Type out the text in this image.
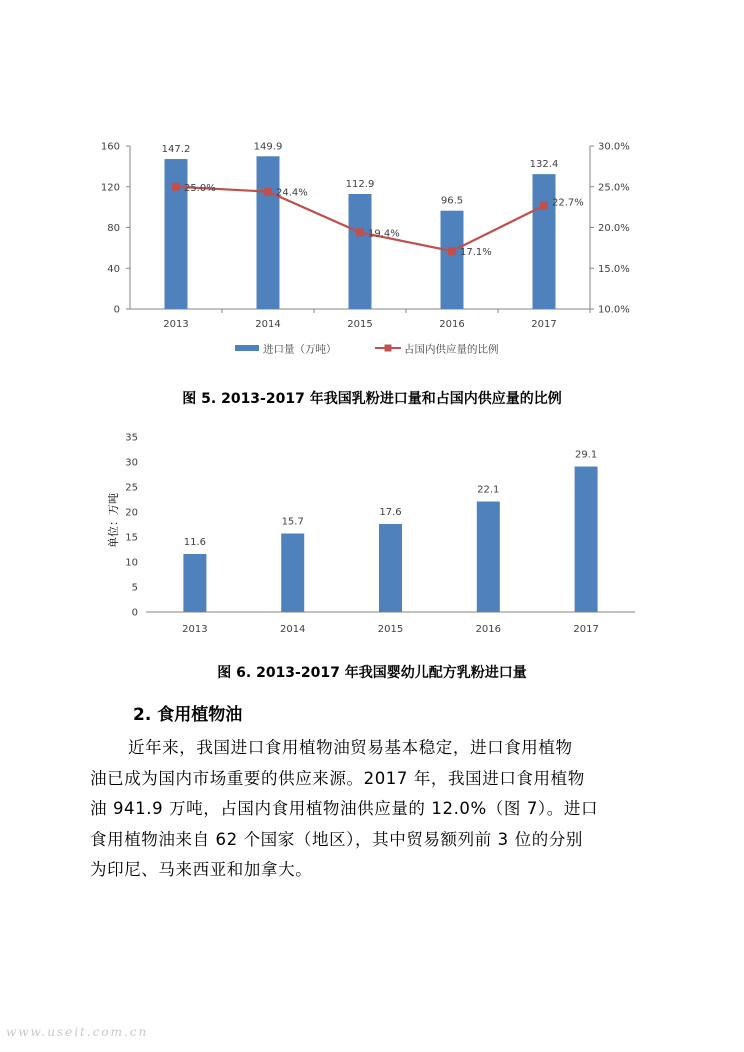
0
40
80
120
160
10.0%
15.0%
20.0%
25.0%
30.0%
147.2
2013
149.9
2014
112.9
2015
96.5
2016
132.4
2017
25.0%	24.4%
19.4%
17.1%
22.7%
进口量（万吨）	占国内供应量的比例
图 5. 2013-2017 年我国乳粉进口量和占国内供应量的比例
0
5
10
15
20
25
30
35
单位：万吨	11.6
2013
15.7
2014
17.6
2015
22.1
2016
29.1
2017
图 6. 2013-2017 年我国婴幼儿配方乳粉进口量
2. 食用植物油
近年来，我国进口食用植物油贸易基本稳定，进口食用植物
油已成为国内市场重要的供应来源。2017 年，我国进口食用植物
油 941.9 万吨，占国内食用植物油供应量的 12.0%（图 7）。进口
食用植物油来自 62 个国家（地区），其中贸易额列前 3 位的分别
为印尼、马来西亚和加拿大。
www.useit.com.cn
